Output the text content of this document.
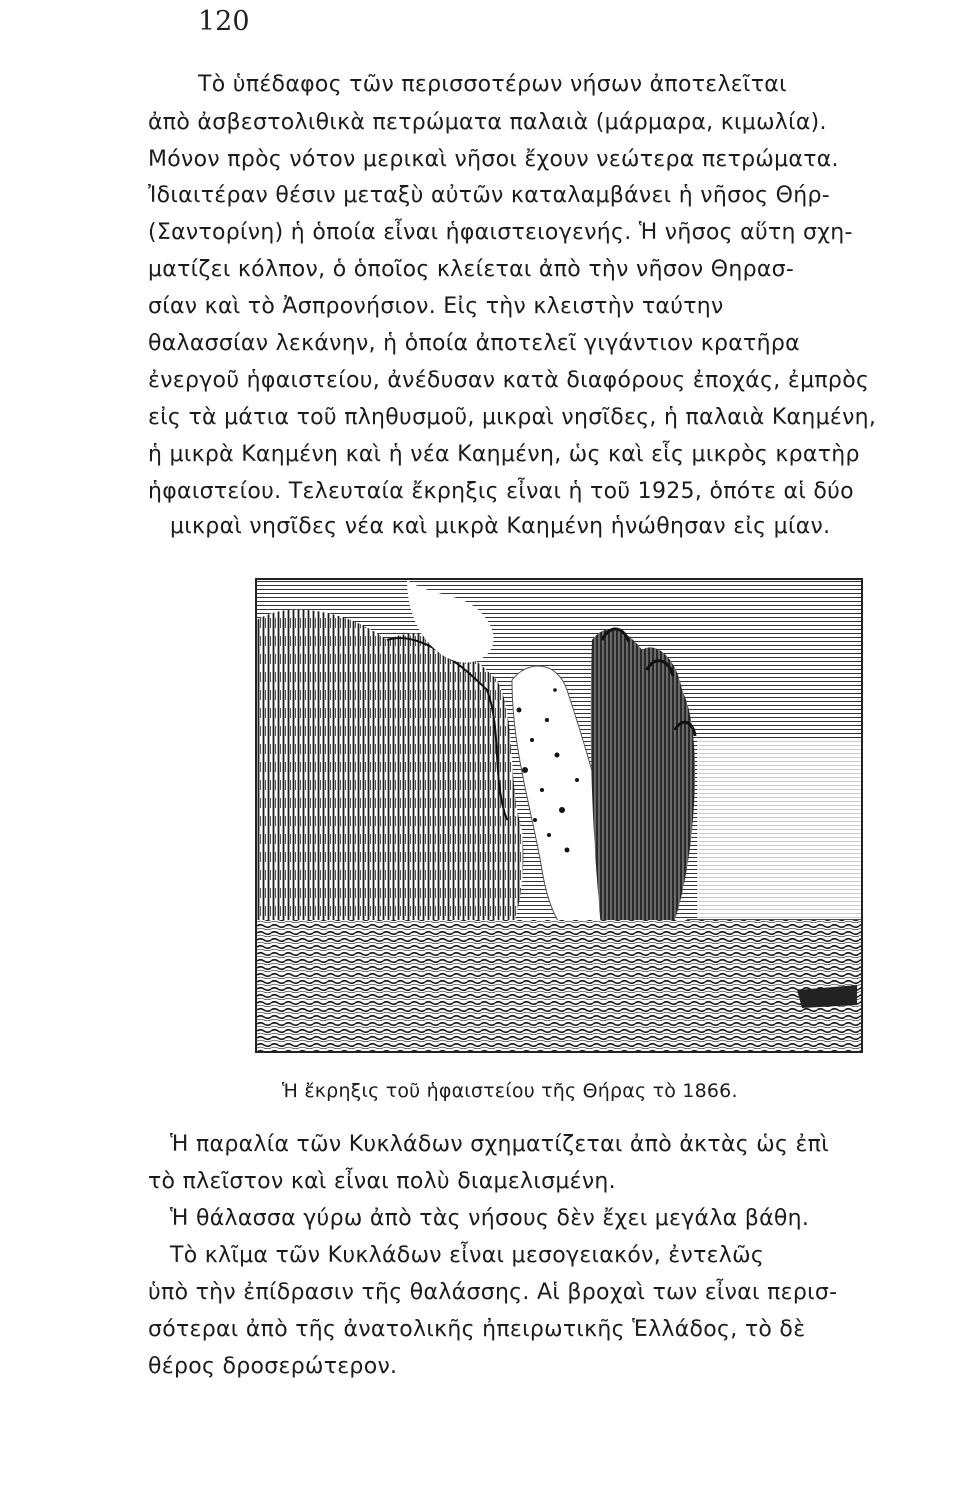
120
Τὸ ὑπέδαφος τῶν περισσοτέρων νήσων ἀποτελεῖται
ἀπὸ ἀσβεστολιθικὰ πετρώματα παλαιὰ (μάρμαρα, κιμωλία).
Μόνον πρὸς νότον μερικαὶ νῆσοι ἔχουν νεώτερα πετρώματα.
Ἰδιαιτέραν θέσιν μεταξὺ αὐτῶν καταλαμβάνει ἡ νῆσος Θήρ-
(Σαντορίνη) ἡ ὁποία εἶναι ἡφαιστειογενής. Ἡ νῆσος αὕτη σχη-
ματίζει κόλπον, ὁ ὁποῖος κλείεται ἀπὸ τὴν νῆσον Θηρασ-
σίαν καὶ τὸ Ἀσπρονήσιον. Εἰς τὴν κλειστὴν ταύτην
θαλασσίαν λεκάνην, ἡ ὁποία ἀποτελεῖ γιγάντιον κρατῆρα
ἐνεργοῦ ἡφαιστείου, ἀνέδυσαν κατὰ διαφόρους ἐποχάς, ἐμπρὸς
εἰς τὰ μάτια τοῦ πληθυσμοῦ, μικραὶ νησῖδες, ἡ παλαιὰ Καημένη,
ἡ μικρὰ Καημένη καὶ ἡ νέα Καημένη, ὡς καὶ εἷς μικρὸς κρατὴρ
ἡφαιστείου. Τελευταία ἔκρηξις εἶναι ἡ τοῦ 1925, ὁπότε αἱ δύο
μικραὶ νησῖδες νέα καὶ μικρὰ Καημένη ἡνώθησαν εἰς μίαν.
Ἡ ἔκρηξις τοῦ ἡφαιστείου τῆς Θήρας τὸ 1866.
Ἡ παραλία τῶν Κυκλάδων σχηματίζεται ἀπὸ ἀκτὰς ὡς ἐπὶ
τὸ πλεῖστον καὶ εἶναι πολὺ διαμελισμένη.
Ἡ θάλασσα γύρω ἀπὸ τὰς νήσους δὲν ἔχει μεγάλα βάθη.
Τὸ κλῖμα τῶν Κυκλάδων εἶναι μεσογειακόν, ἐντελῶς
ὑπὸ τὴν ἐπίδρασιν τῆς θαλάσσης. Αἱ βροχαὶ των εἶναι περισ-
σότεραι ἀπὸ τῆς ἀνατολικῆς ἠπειρωτικῆς Ἑλλάδος, τὸ δὲ
θέρος δροσερώτερον.
